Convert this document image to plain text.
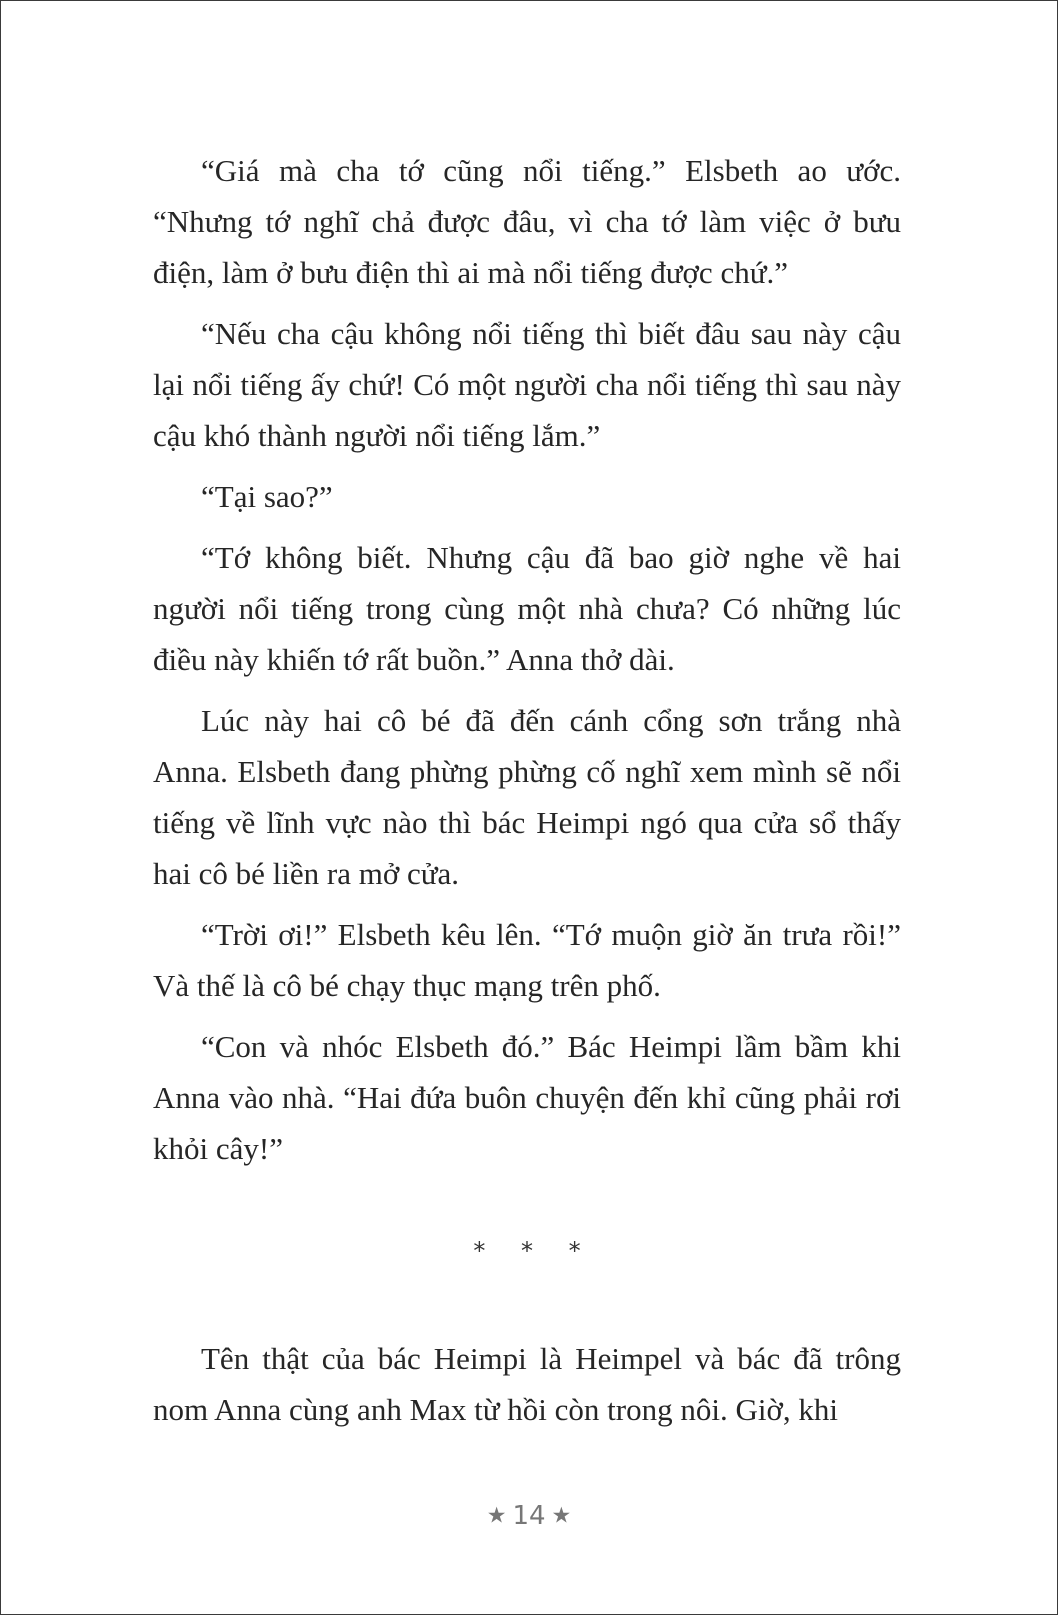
“Giá mà cha tớ cũng nổi tiếng.” Elsbeth ao ước. “Nhưng tớ nghĩ chả được đâu, vì cha tớ làm việc ở bưu điện, làm ở bưu điện thì ai mà nổi tiếng được chứ.”

“Nếu cha cậu không nổi tiếng thì biết đâu sau này cậu lại nổi tiếng ấy chứ! Có một người cha nổi tiếng thì sau này cậu khó thành người nổi tiếng lắm.”

“Tại sao?”

“Tớ không biết. Nhưng cậu đã bao giờ nghe về hai người nổi tiếng trong cùng một nhà chưa? Có những lúc điều này khiến tớ rất buồn.” Anna thở dài.

Lúc này hai cô bé đã đến cánh cổng sơn trắng nhà Anna. Elsbeth đang phừng phừng cố nghĩ xem mình sẽ nổi tiếng về lĩnh vực nào thì bác Heimpi ngó qua cửa sổ thấy hai cô bé liền ra mở cửa.

“Trời ơi!” Elsbeth kêu lên. “Tớ muộn giờ ăn trưa rồi!” Và thế là cô bé chạy thục mạng trên phố.

“Con và nhóc Elsbeth đó.” Bác Heimpi lầm bầm khi Anna vào nhà. “Hai đứa buôn chuyện đến khỉ cũng phải rơi khỏi cây!”

* * *

Tên thật của bác Heimpi là Heimpel và bác đã trông nom Anna cùng anh Max từ hồi còn trong nôi. Giờ, khi

★ 14 ★
